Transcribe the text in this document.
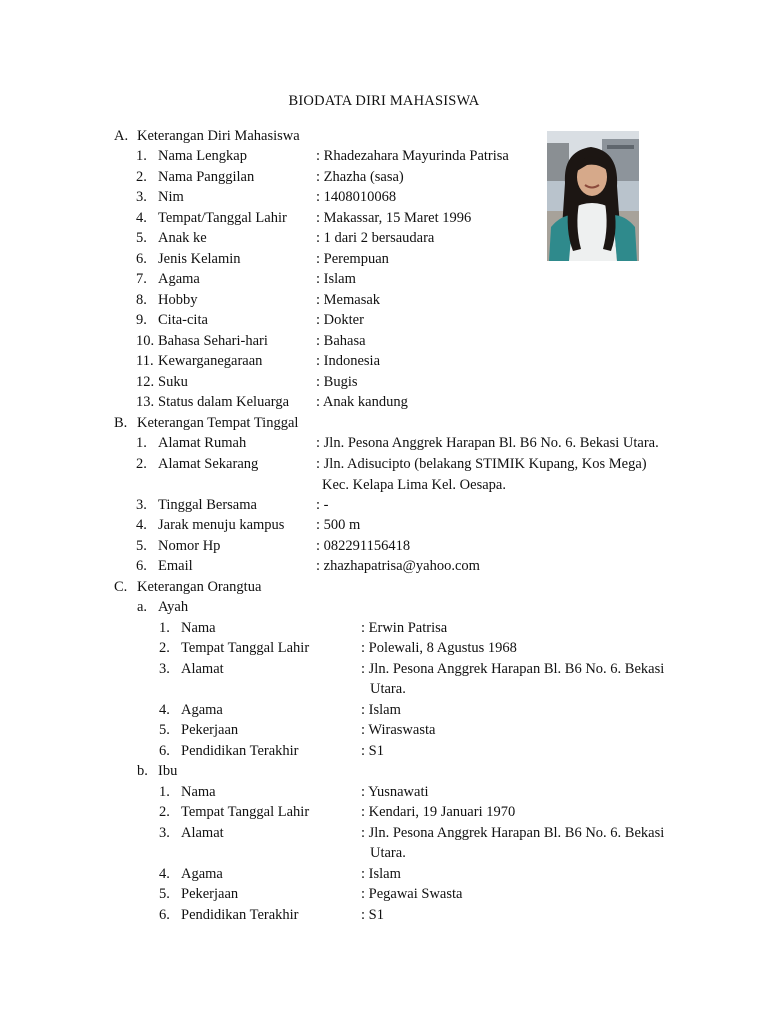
BIODATA DIRI MAHASISWA
A. Keterangan Diri Mahasiswa
1. Nama Lengkap	: Rhadezahara Mayurinda Patrisa
2. Nama Panggilan	: Zhazha (sasa)
3. Nim	: 1408010068
4. Tempat/Tanggal Lahir : Makassar, 15 Maret 1996
5. Anak ke	: 1 dari 2 bersaudara
6. Jenis Kelamin	: Perempuan
7. Agama	: Islam
8. Hobby	: Memasak
9. Cita-cita	: Dokter
10. Bahasa Sehari-hari	: Bahasa
11. Kewarganegaraan	: Indonesia
12. Suku	: Bugis
13. Status dalam Keluarga : Anak kandung
B. Keterangan Tempat Tinggal
1. Alamat Rumah	: Jln. Pesona Anggrek Harapan Bl. B6 No. 6. Bekasi Utara.
2. Alamat Sekarang	: Jln. Adisucipto (belakang STIMIK Kupang, Kos Mega)
Kec. Kelapa Lima Kel. Oesapa.
3. Tinggal Bersama	: -
4. Jarak menuju kampus : 500 m
5. Nomor Hp	: 082291156418
6. Email	: zhazhapatrisa@yahoo.com
C. Keterangan Orangtua
a. Ayah
1. Nama	: Erwin Patrisa
2. Tempat Tanggal Lahir	: Polewali, 8 Agustus 1968
3. Alamat	: Jln. Pesona Anggrek Harapan Bl. B6 No. 6. Bekasi
Utara.
4. Agama	: Islam
5. Pekerjaan	: Wiraswasta
6. Pendidikan Terakhir	: S1
b. Ibu
1. Nama	: Yusnawati
2. Tempat Tanggal Lahir	: Kendari, 19 Januari 1970
3. Alamat	: Jln. Pesona Anggrek Harapan Bl. B6 No. 6. Bekasi
Utara.
4. Agama	: Islam
5. Pekerjaan	: Pegawai Swasta
6. Pendidikan Terakhir	: S1
